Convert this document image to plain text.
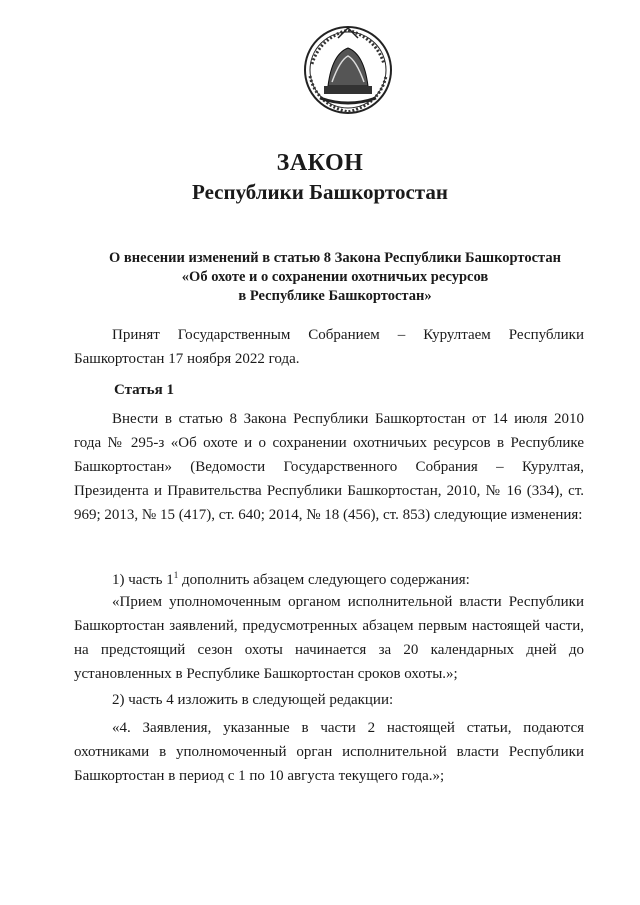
ЗАКОН
Республики Башкортостан
О внесении изменений в статью 8 Закона Республики Башкортостан
«Об охоте и о сохранении охотничьих ресурсов
в Республике Башкортостан»
Принят Государственным Собранием – Курултаем Республики Башкортостан 17 ноября 2022 года.
Статья 1
Внести в статью 8 Закона Республики Башкортостан от 14 июля 2010 года № 295-з «Об охоте и о сохранении охотничьих ресурсов в Республике Башкортостан» (Ведомости Государственного Собрания – Курултая, Президента и Правительства Республики Башкортостан, 2010, № 16 (334), ст. 969; 2013, № 15 (417), ст. 640; 2014, № 18 (456), ст. 853) следующие изменения:
1) часть $1^1$ дополнить абзацем следующего содержания:
«Прием уполномоченным органом исполнительной власти Республики Башкортостан заявлений, предусмотренных абзацем первым настоящей части, на предстоящий сезон охоты начинается за 20 календарных дней до установленных в Республике Башкортостан сроков охоты.»;
2) часть 4 изложить в следующей редакции:
«4. Заявления, указанные в части 2 настоящей статьи, подаются охотниками в уполномоченный орган исполнительной власти Республики Башкортостан в период с 1 по 10 августа текущего года.»;
